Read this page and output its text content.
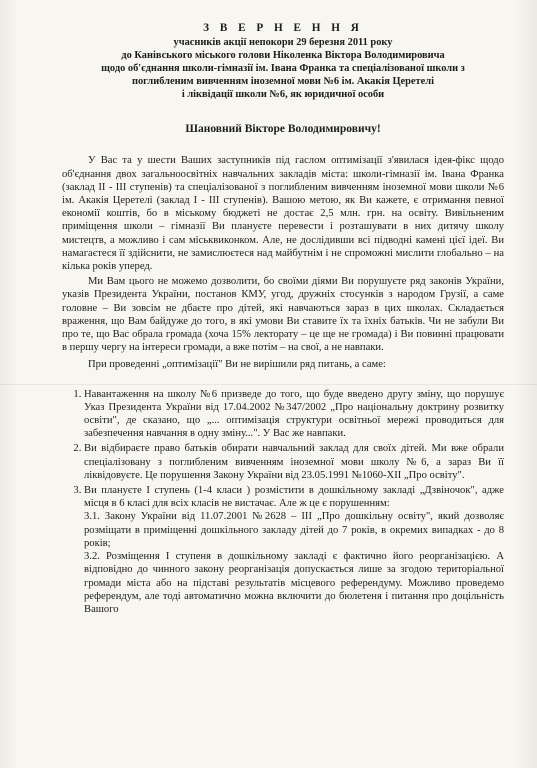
З В Е Р Н Е Н Н Я

учасників акції непокори 29 березня 2011 року

до Канівського міського голови Ніколенка Віктора Володимировича

щодо об'єднання школи-гімназії ім. Івана Франка та спеціалізованої школи з

поглибленим вивченням іноземної мови №6 ім. Акакія Церетелі

і ліквідації школи №6, як юридичної особи

Шановний Вікторе Володимировичу!

У Вас та у шести Ваших заступників під гаслом оптимізації з'явилася ідея-фікс щодо об'єднання двох загальноосвітніх навчальних закладів міста: школи-гімназії ім. Івана Франка (заклад ІІ - ІІІ ступенів) та спеціалізованої з поглибленим вивченням іноземної мови школи №6 ім. Акакія Церетелі (заклад І - ІІІ ступенів). Вашою метою, як Ви кажете, є отримання певної економії коштів, бо в міському бюджеті не достає 2,5 млн. грн. на освіту. Вивільненим приміщення школи – гімназії Ви плануєте перевести і розташувати в них дитячу школу мистецтв, а можливо і сам міськвиконком. Але, не дослідивши всі підводні камені цієї ідеї. Ви намагаєтеся її здійснити, не замислюєтеся над майбутнім і не спроможні мислити глобально – на кілька років уперед.

Ми Вам цього не можемо дозволити, бо своїми діями Ви порушуєте ряд законів України, указів Президента України, постанов КМУ, угод, дружніх стосунків з народом Грузії, а саме головне – Ви зовсім не дбаєте про дітей, які навчаються зараз в цих школах. Складається враження, що Вам байдуже до того, в які умови Ви ставите їх та їхніх батьків. Чи не забули Ви про те, що Вас обрала громада (хоча 15% лекторату – це ще не громада) і Ви повинні працювати в першу чергу на інтереси громади, а вже потім – на свої, а не навпаки.

При проведенні „оптимізації" Ви не вирішили ряд питань, а саме:

1. Навантаження на школу №6 призведе до того, що буде введено другу зміну, що порушує Указ Президента України від 17.04.2002 №347/2002 „Про національну доктрину розвитку освіти", де сказано, що „... оптимізація структури освітньої мережі проводиться для забезпечення навчання в одну зміну...". У Вас же навпаки.
2. Ви відбираєте право батьків обирати навчальний заклад для своїх дітей. Ми вже обрали спеціалізовану з поглибленим вивченням іноземної мови школу №6, а зараз Ви її ліквідовуєте. Це порушення Закону України від 23.05.1991 №1060-ХІІ „Про освіту".
3. Ви плануєте І ступень (1-4 класи ) розмістити в дошкільному закладі „Дзвіночок", адже місця в 6 класі для всіх класів не вистачає. Але ж це є порушенням:

3.1. Закону України від 11.07.2001 №2628 – ІІІ „Про дошкільну освіту", який дозволяє розміщати в приміщенні дошкільного закладу дітей до 7 років, в окремих випадках - до 8 років;

3.2. Розміщення І ступеня в дошкільному закладі є фактично його реорганізацією. А відповідно до чинного закону реорганізація допускається лише за згодою територіальної громади міста або на підставі результатів місцевого референдуму. Можливо проведемо референдум, але тоді автоматично можна включити до бюлетеня і питання про доцільність Вашого
